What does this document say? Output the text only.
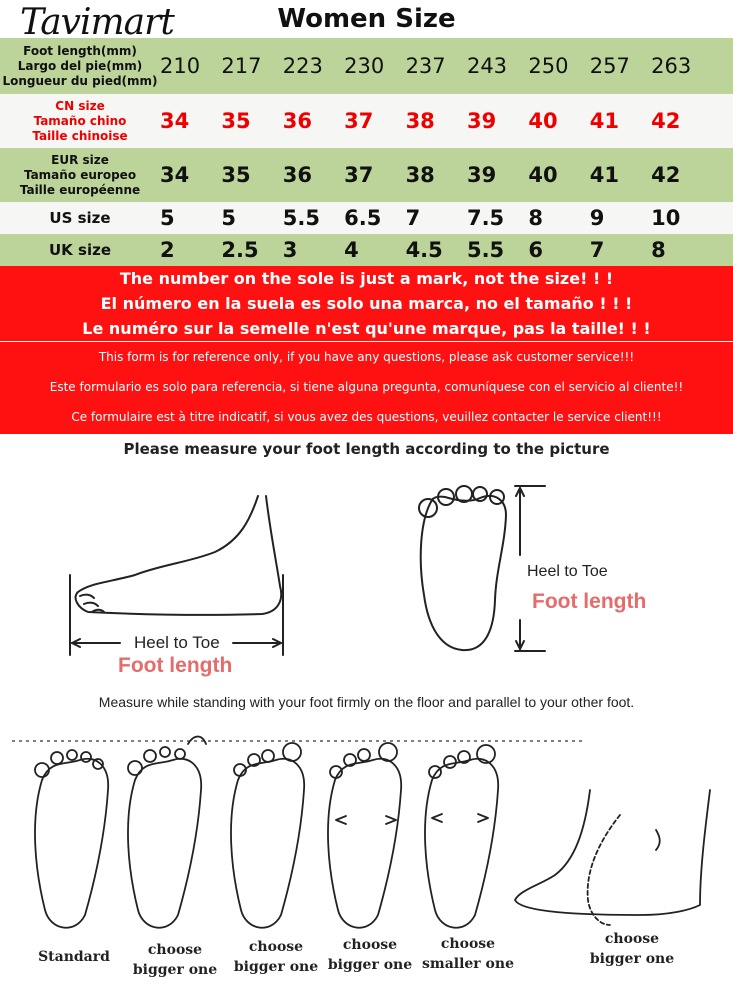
Tavimart	Women Size
Foot length(mm)
Largo del pie(mm)
Longueur du pied(mm)
210	217	223	230	237	243	250	257	263
CN size
Tamaño chino
Taille chinoise
34	35	36	37	38	39	40	41	42
EUR size
Tamaño europeo
Taille européenne
34	35	36	37	38	39	40	41	42
US size	5	5	5.5	6.5	7	7.5	8	9	10
UK size	2	2.5	3	4	4.5	5.5	6	7	8
The number on the sole is just a mark, not the size! ! !
El número en la suela es solo una marca, no el tamaño ! ! !
Le numéro sur la semelle n'est qu'une marque, pas la taille! ! !
This form is for reference only, if you have any questions, please ask customer service!!!
Este formulario es solo para referencia, si tiene alguna pregunta, comuníquese con el servicio al cliente!!
Ce formulaire est à titre indicatif, si vous avez des questions, veuillez contacter le service client!!!
Please measure your foot length according to the picture
Heel to Toe
Foot length
Heel to Toe
Foot length
Measure while standing with your foot firmly on the floor and parallel to your other foot.
Standard	choose
bigger one
choose
bigger one
choose
bigger one
choose
smaller one
choose
bigger one
